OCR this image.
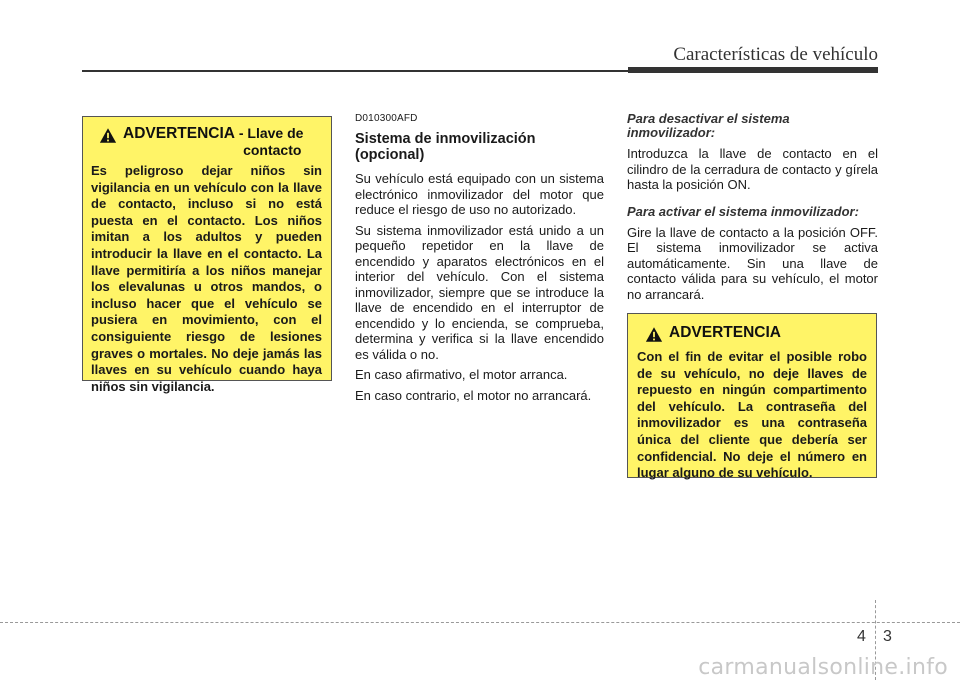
Características de vehículo
ADVERTENCIA - Llave de
contacto
Es peligroso dejar niños sin vigilancia en un vehículo con la llave de contacto, incluso si no está puesta en el contacto. Los niños imitan a los adultos y pueden introducir la llave en el contacto. La llave permitiría a los niños manejar los elevalunas u otros mandos, o incluso hacer que el vehículo se pusiera en movimiento, con el consiguiente riesgo de lesiones graves o mortales. No deje jamás las llaves en su vehículo cuando haya niños sin vigilancia.
D010300AFD
Sistema de inmovilización (opcional)

Su vehículo está equipado con un sistema electrónico inmovilizador del motor que reduce el riesgo de uso no autorizado.

Su sistema inmovilizador está unido a un pequeño repetidor en la llave de encendido y aparatos electrónicos en el interior del vehículo. Con el sistema inmovilizador, siempre que se introduce la llave de encendido en el interruptor de encendido y lo encienda, se comprueba, determina y verifica si la llave encendido es válida o no.

En caso afirmativo, el motor arranca.

En caso contrario, el motor no arrancará.

Para desactivar el sistema inmovilizador:

Introduzca la llave de contacto en el cilindro de la cerradura de contacto y gírela hasta la posición ON.

Para activar el sistema inmovilizador:

Gire la llave de contacto a la posición OFF. El sistema inmovilizador se activa automáticamente. Sin una llave de contacto válida para su vehículo, el motor no arrancará.

ADVERTENCIA
Con el fin de evitar el posible robo de su vehículo, no deje llaves de repuesto en ningún compartimento del vehículo. La contraseña del inmovilizador es una contraseña única del cliente que debería ser confidencial. No deje el número en lugar alguno de su vehículo.
4 3
carmanualsonline.info
